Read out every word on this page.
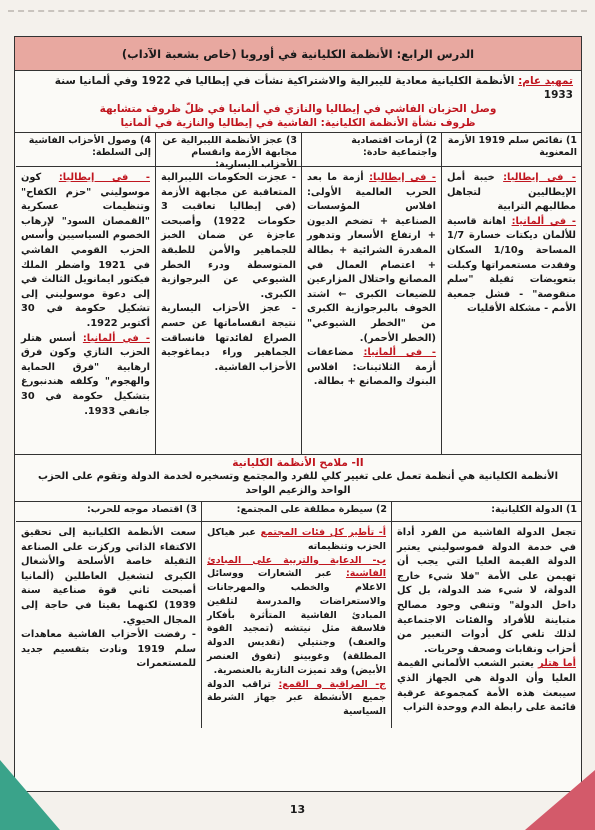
الدرس الرابع: الأنظمة الكليانية في أوروبا (خاص بشعبة الآداب)
تمهيد عام: الأنظمة الكليانية معادية لليبرالية والاشتراكية نشأت في إيطاليا في 1922 وفي ألمانيا سنة 1933
وصل الحزبان الفاشي في إيطاليا والنازي في ألمانيا في ظلّ ظروف متشابهة
ظروف نشأة الأنظمة الكليانية: الفاشية في إيطاليا والنازية في ألمانيا
1) نقائص سلم 1919 الأزمة المعنوية

- في إيطاليا: خيبة أمل الإيطاليين لتجاهل مطالبهم الترابية

- في ألمانيا: اهانة قاسية للألمان ديكتات خسارة 1/7 المساحة و1/10 السكان وفقدت مستعمراتها وكبلت بتعويضات ثقيلة "سلم منقوصة" - فشل جمعية الأمم - مشكلة الأقليات

2) أزمات اقتصادية واجتماعية حادة:

- في إيطاليا: أزمة ما بعد الحرب العالمية الأولى: افلاس المؤسسات الصناعية + تضخم الديون + ارتفاع الأسعار وتدهور المقدرة الشرائية + بطالة + اعتصام العمال في المصانع واحتلال المزارعين للضيعات الكبرى ← اشتد الخوف بالبرجوازية الكبرى من "الخطر الشيوعي" (الخطر الأحمر).

- في ألمانيا: مضاعفات أزمة الثلاثينات: افلاس البنوك والمصانع + بطالة.

3) عجز الأنظمة الليبرالية عن مجابهة الأزمة وانقسام الأحزاب اليسارية:

- عجزت الحكومات الليبرالية المتعاقبة عن مجابهة الأزمة (في إيطاليا تعاقبت 3 حكومات 1922) وأصبحت عاجزة عن ضمان الخبز للجماهير والأمن للطبقة المتوسطة ودرء الخطر الشيوعي عن البرجوازية الكبرى.

- عجز الأحزاب اليسارية نتيجة انقساماتها عن حسم الصراع لفائدتها فانساقت الجماهير وراء ديماغوجية الأحزاب الفاشية.

4) وصول الأحزاب الفاشية إلى السلطة:

- في إيطاليا: كون موسوليني "حزم الكفاح" وتنظيمات عسكرية "القمصان السود" لإرهاب الخصوم السياسيين وأسس الحزب القومي الفاشي في 1921 واضطر الملك فيكتور ايمانويل الثالث في إلى دعوة موسوليني إلى تشكيل حكومة في 30 أكتوبر 1922.

- في ألمانيا: أسس هتلر الحزب النازي وكون فرق ارهابية "فرق الحماية والهجوم" وكلفه هندنبورغ بتشكيل حكومة في 30 جانفي 1933.

II- ملامح الأنظمة الكليانية
الأنظمة الكليانية هي أنظمة تعمل على تغيير كلي للفرد والمجتمع وتسخيره لخدمة الدولة وتقوم على الحزب الواحد والزعيم الواحد
1) الدولة الكليانية:

تجعل الدولة الفاشية من الفرد أداة في خدمة الدولة فموسوليني يعتبر الدولة القيمة العليا التي يجب أن تهيمن على الأمة "فلا شيء خارج الدولة، لا شيء ضد الدولة، بل كل داخل الدولة" وتنفي وجود مصالح متباينة للأفراد والفئات الاجتماعية لذلك تلغي كل أدوات التعبير من أحزاب ونقابات وصحف وحريات.

أما هتلر يعتبر الشعب الألماني القيمة العليا وأن الدولة هي الجهاز الذي سيبعث هذه الأمة كمجموعة عرقية قائمة على رابطة الدم ووحدة التراب

2) سيطرة مطلقة على المجتمع:

أ- تأطير كل فئات المجتمع عبر هياكل الحزب وتنظيماته

ب- الدعاية والتربية على المبادئ الفاشية: عبر الشعارات ووسائل الاعلام والخطب والمهرجانات والاستعراضات والمدرسة لتلقين المبادئ الفاشية المتأثرة بأفكار فلاسفة مثل نيتشه (تمجيد القوة والعنف) وجنتيلي (تقديس الدولة المطلقة) وغوبينو (تفوق العنصر الأبيض) وقد تميزت النازية بالعنصرية.

ج- المراقبة و القمع: تراقب الدولة جميع الأنشطة عبر جهاز الشرطة السياسية

3) اقتصاد موجه للحرب:

سعت الأنظمة الكليانية إلى تحقيق الاكتفاء الذاتي وركزت على الصناعة الثقيلة خاصة الأسلحة والأشغال الكبرى لتشغيل العاطلين (ألمانيا أصبحت ثاني قوة صناعية سنة 1939) لكنهما بقيتا في حاجة إلى المجال الحيوي.

- رفضت الأحزاب الفاشية معاهدات سلم 1919 ونادت بتقسيم جديد للمستعمرات

13
